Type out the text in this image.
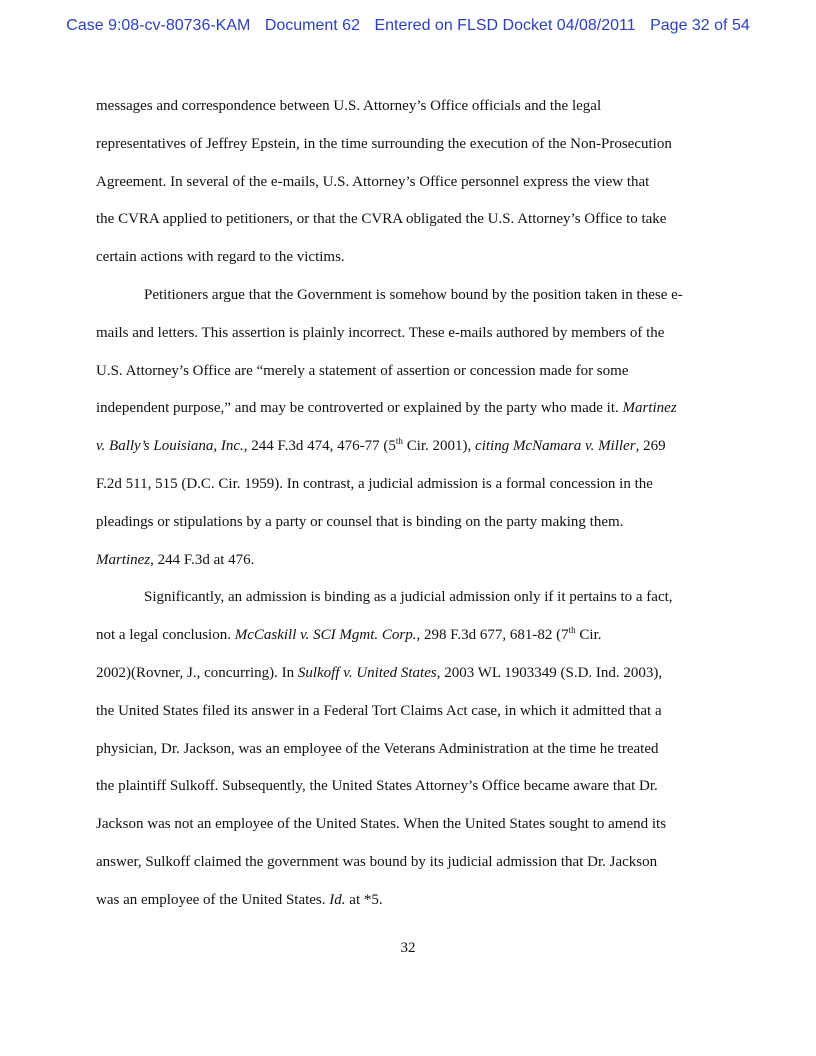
Case 9:08-cv-80736-KAM Document 62 Entered on FLSD Docket 04/08/2011 Page 32 of 54

messages and correspondence between U.S. Attorney’s Office officials and the legal
representatives of Jeffrey Epstein, in the time surrounding the execution of the Non-Prosecution
Agreement. In several of the e-mails, U.S. Attorney’s Office personnel express the view that
the CVRA applied to petitioners, or that the CVRA obligated the U.S. Attorney’s Office to take
certain actions with regard to the victims.

Petitioners argue that the Government is somehow bound by the position taken in these e-
mails and letters. This assertion is plainly incorrect. These e-mails authored by members of the
U.S. Attorney’s Office are “merely a statement of assertion or concession made for some
independent purpose,” and may be controverted or explained by the party who made it. Martinez
v. Bally’s Louisiana, Inc., 244 F.3d 474, 476-77 (5th Cir. 2001), citing McNamara v. Miller, 269
F.2d 511, 515 (D.C. Cir. 1959). In contrast, a judicial admission is a formal concession in the
pleadings or stipulations by a party or counsel that is binding on the party making them.
Martinez, 244 F.3d at 476.

Significantly, an admission is binding as a judicial admission only if it pertains to a fact,
not a legal conclusion. McCaskill v. SCI Mgmt. Corp., 298 F.3d 677, 681-82 (7th Cir.
2002)(Rovner, J., concurring). In Sulkoff v. United States, 2003 WL 1903349 (S.D. Ind. 2003),
the United States filed its answer in a Federal Tort Claims Act case, in which it admitted that a
physician, Dr. Jackson, was an employee of the Veterans Administration at the time he treated
the plaintiff Sulkoff. Subsequently, the United States Attorney’s Office became aware that Dr.
Jackson was not an employee of the United States. When the United States sought to amend its
answer, Sulkoff claimed the government was bound by its judicial admission that Dr. Jackson
was an employee of the United States. Id. at *5.

32
